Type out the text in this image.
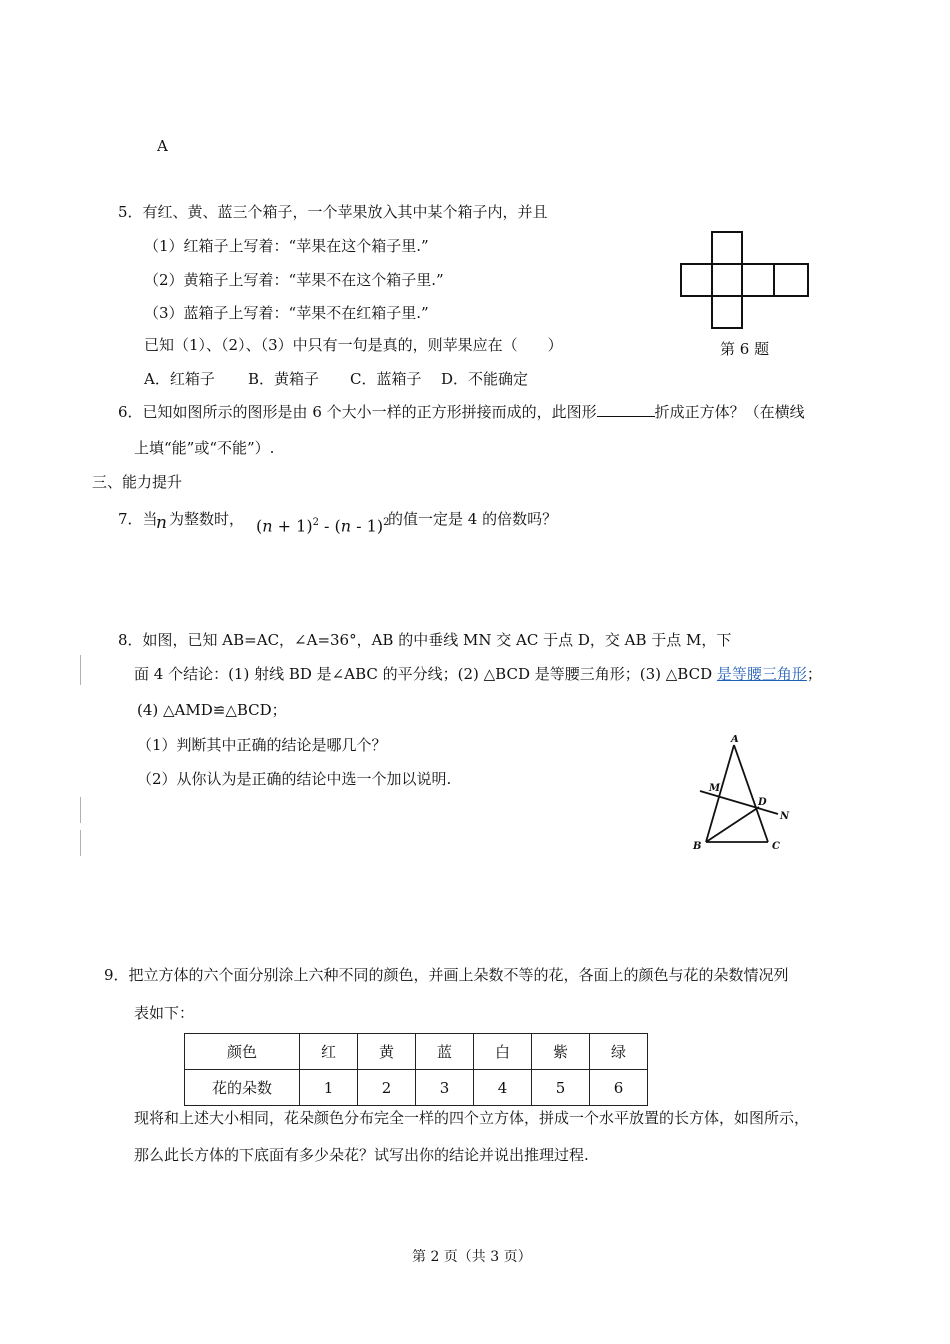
A
5．有红、黄、蓝三个箱子，一个苹果放入其中某个箱子内，并且
（1）红箱子上写着：“苹果在这个箱子里.”
（2）黄箱子上写着：“苹果不在这个箱子里.”
（3）蓝箱子上写着：“苹果不在红箱子里.”
已知（1）、（2）、（3）中只有一句是真的，则苹果应在（　　）
A．红箱子 B．黄箱子 C．蓝箱子 D．不能确定
第 6 题
6．已知如图所示的图形是由 6 个大小一样的正方形拼接而成的，此图形	折成正方体？（在横线
上填“能”或“不能”）.
三、能力提升
7．当
n 为整数时， $(n + 1)^2 - (n - 1)^2$
的值一定是 4 的倍数吗？
8．如图，已知 AB=AC，∠A=36°，AB 的中垂线 MN 交 AC 于点 D，交 AB 于点 M，下
面 4 个结论：(1) 射线 BD 是∠ABC 的平分线；(2) △BCD 是等腰三角形；(3) △BCD 是等腰三角形；
(4) △AMD≌△BCD；
（1）判断其中正确的结论是哪几个？
（2）从你认为是正确的结论中选一个加以说明.
A
M
D
N
B	C
9．把立方体的六个面分别涂上六种不同的颜色，并画上朵数不等的花，各面上的颜色与花的朵数情况列
表如下：
颜色	红	黄	蓝	白	紫	绿
花的朵数	1	2	3	4	5	6
现将和上述大小相同，花朵颜色分布完全一样的四个立方体，拼成一个水平放置的长方体，如图所示，
那么此长方体的下底面有多少朵花？试写出你的结论并说出推理过程.
第 2 页（共 3 页）
